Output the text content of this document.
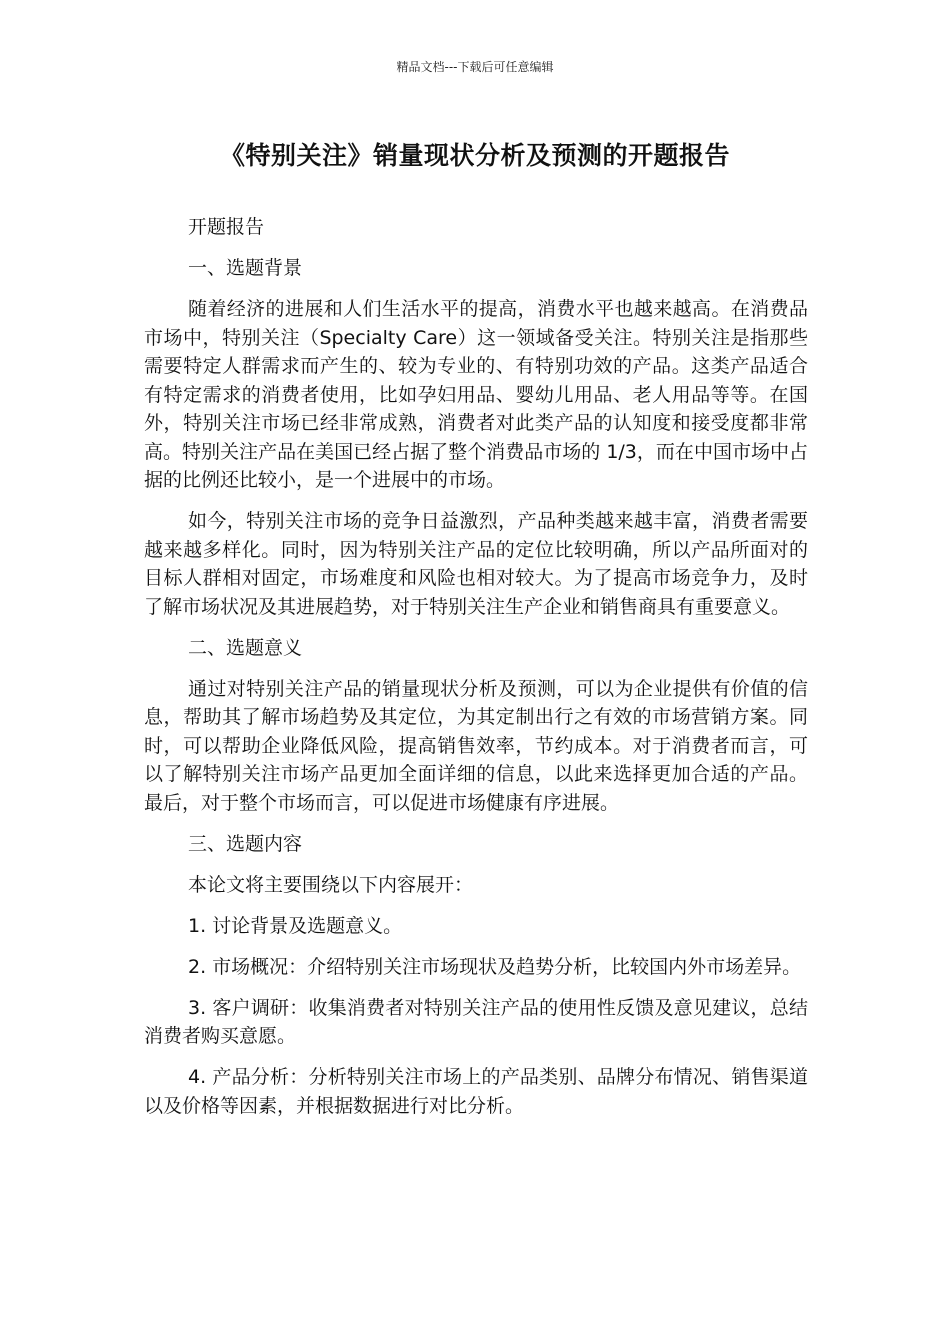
精品文档---下载后可任意编辑
《特别关注》销量现状分析及预测的开题报告

开题报告

一、选题背景

随着经济的进展和人们生活水平的提高，消费水平也越来越高。在消费品市场中，特别关注（Specialty Care）这一领域备受关注。特别关注是指那些需要特定人群需求而产生的、较为专业的、有特别功效的产品。这类产品适合有特定需求的消费者使用，比如孕妇用品、婴幼儿用品、老人用品等等。在国外，特别关注市场已经非常成熟，消费者对此类产品的认知度和接受度都非常高。特别关注产品在美国已经占据了整个消费品市场的 1/3，而在中国市场中占据的比例还比较小，是一个进展中的市场。

如今，特别关注市场的竞争日益激烈，产品种类越来越丰富，消费者需要越来越多样化。同时，因为特别关注产品的定位比较明确，所以产品所面对的目标人群相对固定，市场难度和风险也相对较大。为了提高市场竞争力，及时了解市场状况及其进展趋势，对于特别关注生产企业和销售商具有重要意义。

二、选题意义

通过对特别关注产品的销量现状分析及预测，可以为企业提供有价值的信息，帮助其了解市场趋势及其定位，为其定制出行之有效的市场营销方案。同时，可以帮助企业降低风险，提高销售效率，节约成本。对于消费者而言，可以了解特别关注市场产品更加全面详细的信息，以此来选择更加合适的产品。最后，对于整个市场而言，可以促进市场健康有序进展。

三、选题内容

本论文将主要围绕以下内容展开：

1. 讨论背景及选题意义。

2. 市场概况：介绍特别关注市场现状及趋势分析，比较国内外市场差异。

3. 客户调研：收集消费者对特别关注产品的使用性反馈及意见建议，总结消费者购买意愿。

4. 产品分析：分析特别关注市场上的产品类别、品牌分布情况、销售渠道以及价格等因素，并根据数据进行对比分析。
